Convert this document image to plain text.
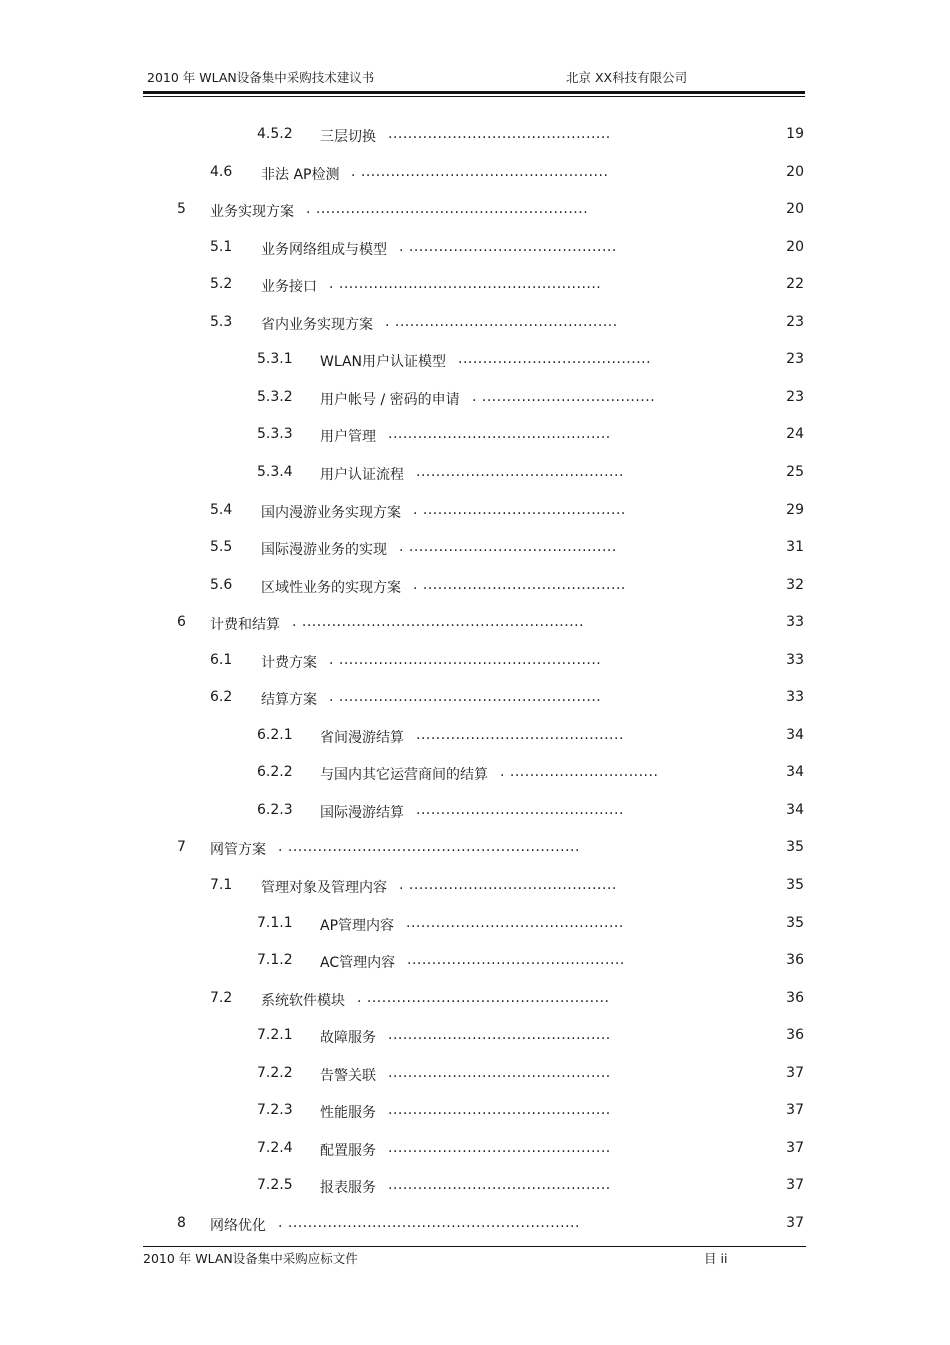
2010 年 WLAN设备集中采购技术建议书	北京 XX科技有限公司
4.5.2 三层切换 .............................................	19
4.6 非法 AP检测 . ..................................................	20
5 业务实现方案 . .......................................................	20
5.1 业务网络组成与模型 . ..........................................	20
5.2 业务接口 . .....................................................	22
5.3 省内业务实现方案 . .............................................	23
5.3.1 WLAN用户认证模型 .......................................	23
5.3.2 用户帐号 / 密码的申请 . ...................................	23
5.3.3 用户管理 .............................................	24
5.3.4 用户认证流程 ..........................................	25
5.4 国内漫游业务实现方案 . .........................................	29
5.5 国际漫游业务的实现 . ..........................................	31
5.6 区域性业务的实现方案 . .........................................	32
6 计费和结算 . .........................................................	33
6.1 计费方案 . .....................................................	33
6.2 结算方案 . .....................................................	33
6.2.1 省间漫游结算 ..........................................	34
6.2.2 与国内其它运营商间的结算 . ..............................	34
6.2.3 国际漫游结算 ..........................................	34
7 网管方案 . ...........................................................	35
7.1 管理对象及管理内容 . ..........................................	35
7.1.1 AP管理内容 ............................................	35
7.1.2 AC管理内容 ............................................	36
7.2 系统软件模块 . .................................................	36
7.2.1 故障服务 .............................................	36
7.2.2 告警关联 .............................................	37
7.2.3 性能服务 .............................................	37
7.2.4 配置服务 .............................................	37
7.2.5 报表服务 .............................................	37
8 网络优化 . ...........................................................	37
2010 年 WLAN设备集中采购应标文件	目 ii
